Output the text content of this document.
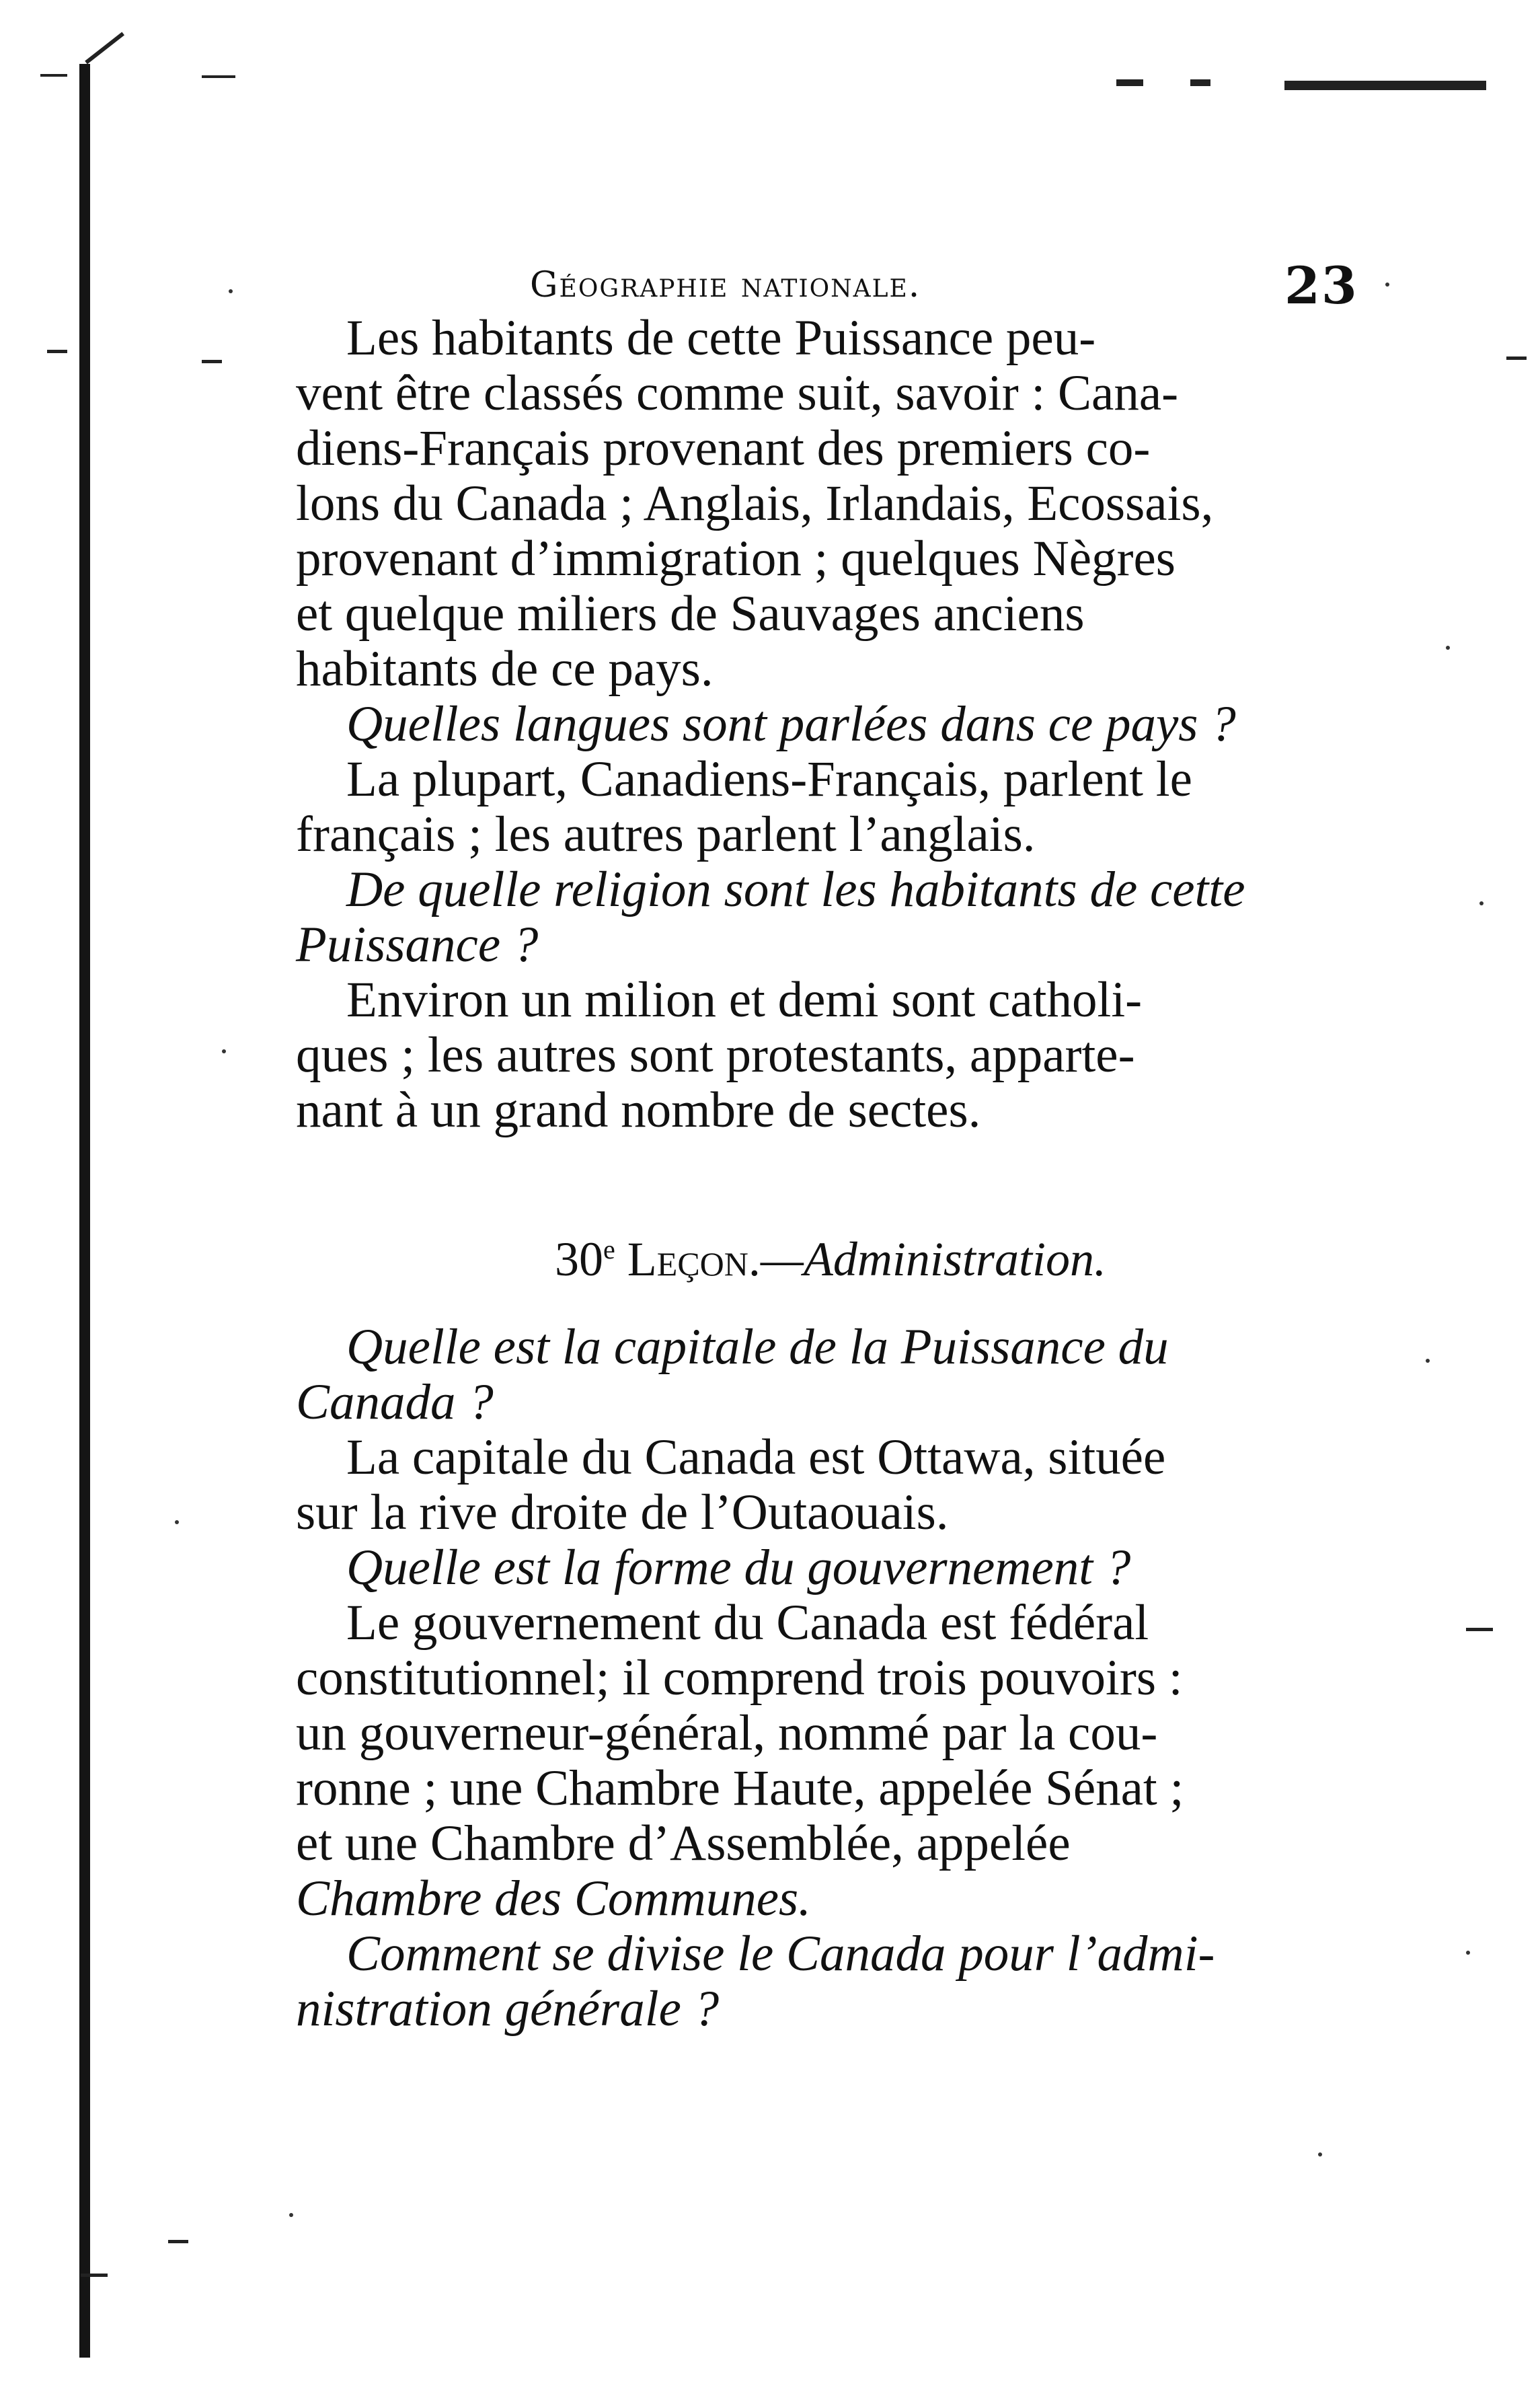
Géographie nationale.	23
Les habitants de cette Puissance peu-
vent être classés comme suit, savoir : Cana-
diens-Français provenant des premiers co-
lons du Canada ; Anglais, Irlandais, Ecossais,
provenant d’immigration ; quelques Nègres
et quelque miliers de Sauvages anciens
habitants de ce pays.
Quelles langues sont parlées dans ce pays ?
La plupart, Canadiens-Français, parlent le
français ; les autres parlent l’anglais.
De quelle religion sont les habitants de cette
Puissance ?
Environ un milion et demi sont catholi-
ques ; les autres sont protestants, apparte-
nant à un grand nombre de sectes.
30e Leçon.—Administration.
Quelle est la capitale de la Puissance du
Canada ?
La capitale du Canada est Ottawa, située
sur la rive droite de l’Outaouais.
Quelle est la forme du gouvernement ?
Le gouvernement du Canada est fédéral
constitutionnel; il comprend trois pouvoirs :
un gouverneur-général, nommé par la cou-
ronne ; une Chambre Haute, appelée Sénat ;
et une Chambre d’Assemblée, appelée
Chambre des Communes.
Comment se divise le Canada pour l’admi-
nistration générale ?
